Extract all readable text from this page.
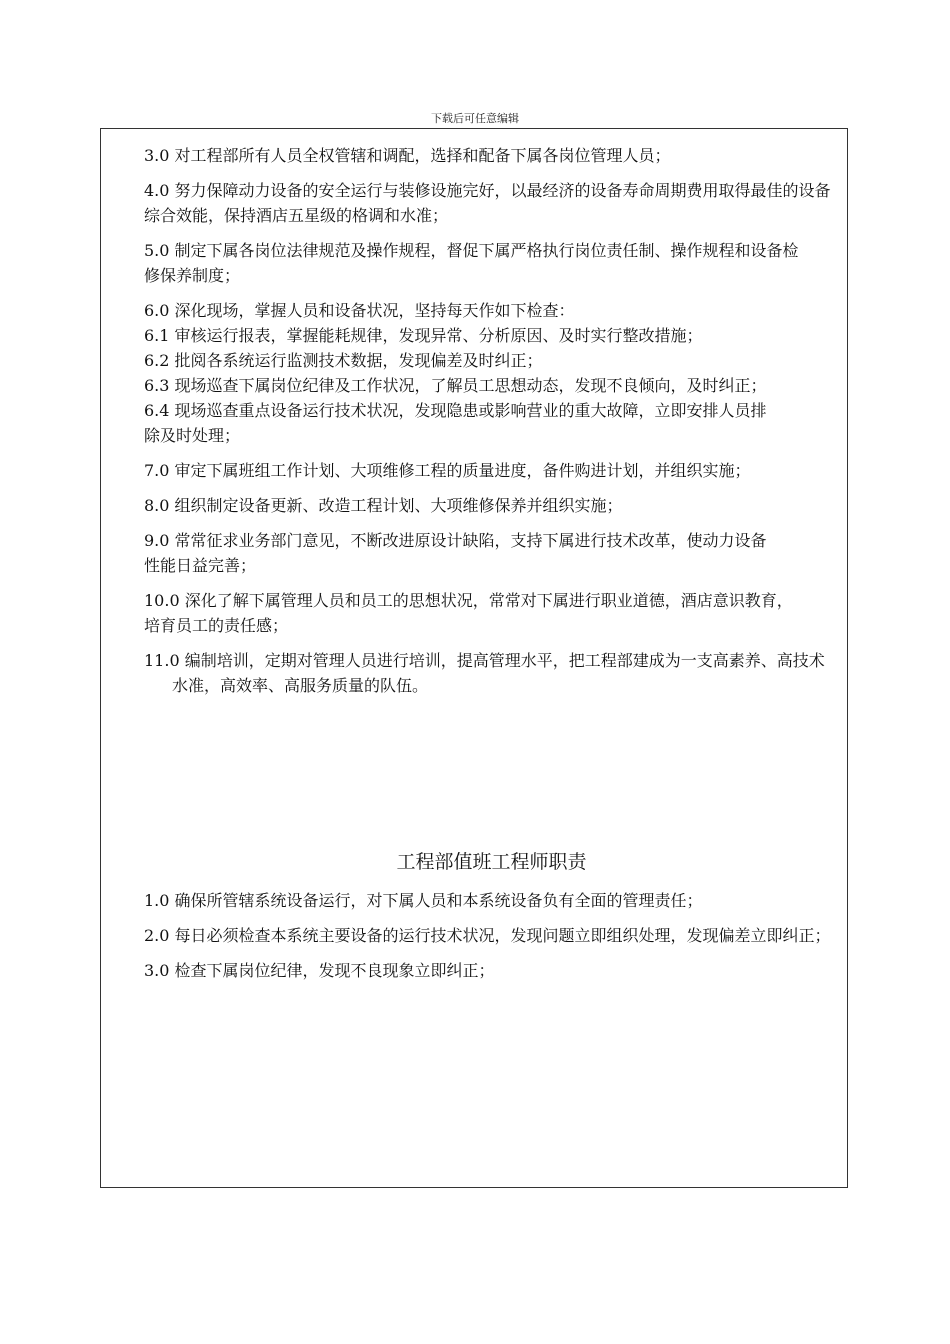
下载后可任意编辑

3.0 对工程部所有人员全权管辖和调配，选择和配备下属各岗位管理人员；

4.0 努力保障动力设备的安全运行与装修设施完好，以最经济的设备寿命周期费用取得最佳的设备综合效能，保持酒店五星级的格调和水准；

5.0 制定下属各岗位法律规范及操作规程，督促下属严格执行岗位责任制、操作规程和设备检

修保养制度；

6.0 深化现场，掌握人员和设备状况，坚持每天作如下检查：

6.1 审核运行报表，掌握能耗规律，发现异常、分析原因、及时实行整改措施；

6.2 批阅各系统运行监测技术数据，发现偏差及时纠正；

6.3 现场巡查下属岗位纪律及工作状况，了解员工思想动态，发现不良倾向，及时纠正；

6.4 现场巡查重点设备运行技术状况，发现隐患或影响营业的重大故障，立即安排人员排

除及时处理；

7.0 审定下属班组工作计划、大项维修工程的质量进度，备件购进计划，并组织实施；

8.0 组织制定设备更新、改造工程计划、大项维修保养并组织实施；

9.0 常常征求业务部门意见，不断改进原设计缺陷，支持下属进行技术改革，使动力设备

性能日益完善；

10.0 深化了解下属管理人员和员工的思想状况，常常对下属进行职业道德，酒店意识教育，

培育员工的责任感；

11.0 编制培训，定期对管理人员进行培训，提高管理水平，把工程部建成为一支高素养、高技术水准，高效率、高服务质量的队伍。

工程部值班工程师职责

1.0 确保所管辖系统设备运行，对下属人员和本系统设备负有全面的管理责任；

2.0 每日必须检查本系统主要设备的运行技术状况，发现问题立即组织处理，发现偏差立即纠正；

3.0 检查下属岗位纪律，发现不良现象立即纠正；
